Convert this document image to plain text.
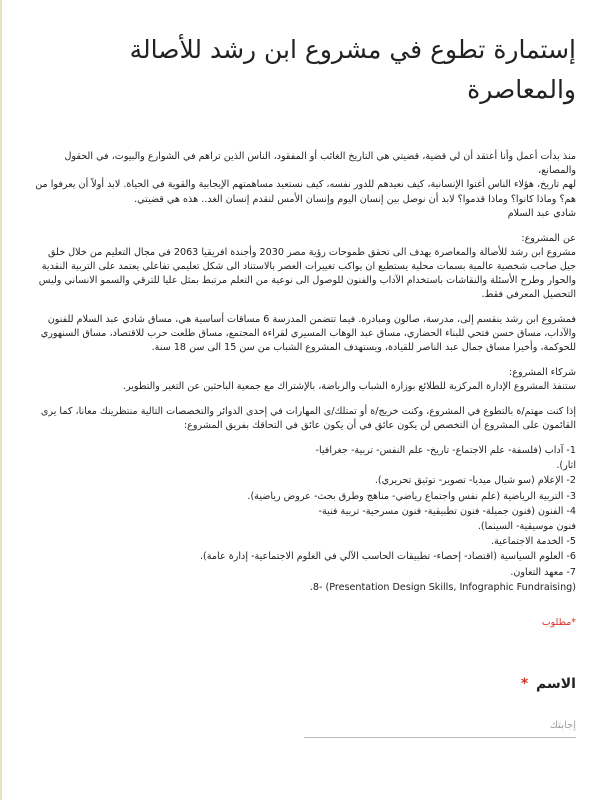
إستمارة تطوع في مشروع ابن رشد للأصالة
والمعاصرة

منذ بدأت أعمل وأنا أعتقد أن لي قضية، قضيتي هي التاريخ الغائب أو المفقود، الناس الذين تراهم في الشوارع والبيوت، في الحقول والمصانع،
لهم تاريخ، هؤلاء الناس أغنوا الإنسانية، كيف نعيدهم للدور نفسه، كيف نستعيد مساهمتهم الإيجابية والقوية في الحياة. لابد أولاً أن يعرفوا من
هم؟ وماذا كانوا؟ وماذا قدموا؟ لابد أن نوصل بين إنسان اليوم وإنسان الأمس لنقدم إنسان الغد.. هذه هي قضيتي.
شادي عبد السلام

عن المشروع:
مشروع ابن رشد للأصالة والمعاصرة يهدف الى تحقق طموحات رؤية مصر 2030 وأجندة افريقيا 2063 في مجال التعليم من خلال خلق
جيل صاحب شخصية عالمية بسمات محلية يستطيع ان يواكب تغييرات العصر بالاستناد الى شكل تعليمي تفاعلي يعتمد على التربية النقدية
والحوار وطرح الأسئلة والنقاشات باستخدام الآداب والفنون للوصول الى نوعية من التعلم مرتبط بمثل عليا للترقي والسمو الانساني وليس
التحصيل المعرفي فقط.

فمشروع ابن رشد ينقسم إلى، مدرسة، صالون ومبادرة. فيما تتضمن المدرسة 6 مساقات أساسية هي، مساق شادي عبد السلام للفنون
والآداب، مساق حسن فتحي للبناء الحضاري، مساق عبد الوهاب المسيري لقراءة المجتمع، مساق طلعت حرب للاقتصاد، مساق السنهوري
للحوكمة، وأخيرا مساق جمال عبد الناصر للقيادة، ويستهدف المشروع الشباب من سن 15 الى سن 18 سنة.

شركاء المشروع:
ستنفذ المشروع الإدارة المركزية للطلائع بوزارة الشباب والرياضة، بالإشتراك مع جمعية الباحثين عن التغير والتطوير.

إذا كنت مهتم/ة بالتطوع في المشروع، وكنت خريج/ة أو تمتلك/ى المهارات في إحدى الدوائر والتخصصات التالية منتظرينك معانا، كما يرى
القائمون على المشروع أن التخصص لن يكون عائق في أن يكون عائق في التحاقك بفريق المشروع:

1- آداب (فلسفة- علم الاجتماع- تاريخ- علم النفس- تربية- جغرافيا-
اثار).
2- الإعلام (سو شيال ميديا- تصوير- توثيق تحريري).
3- التربية الرياضية (علم نفس واجتماع رياضي- مناهج وطرق بحث- عروض رياضية).
4- الفنون (فنون جميلة- فنون تطبيقية- فنون مسرحية- تربية فنية-
فنون موسيقية- السينما).
5- الخدمة الاجتماعية.
6- العلوم السياسية (اقتصاد- إحصاء- تطبيقات الحاسب الآلي في العلوم الاجتماعية- إدارة عامة).
7- معهد التعاون.
(Presentation Design Skills, Infographic Fundraising) -8.
*مطلوب
الاسم *
إجابتك
